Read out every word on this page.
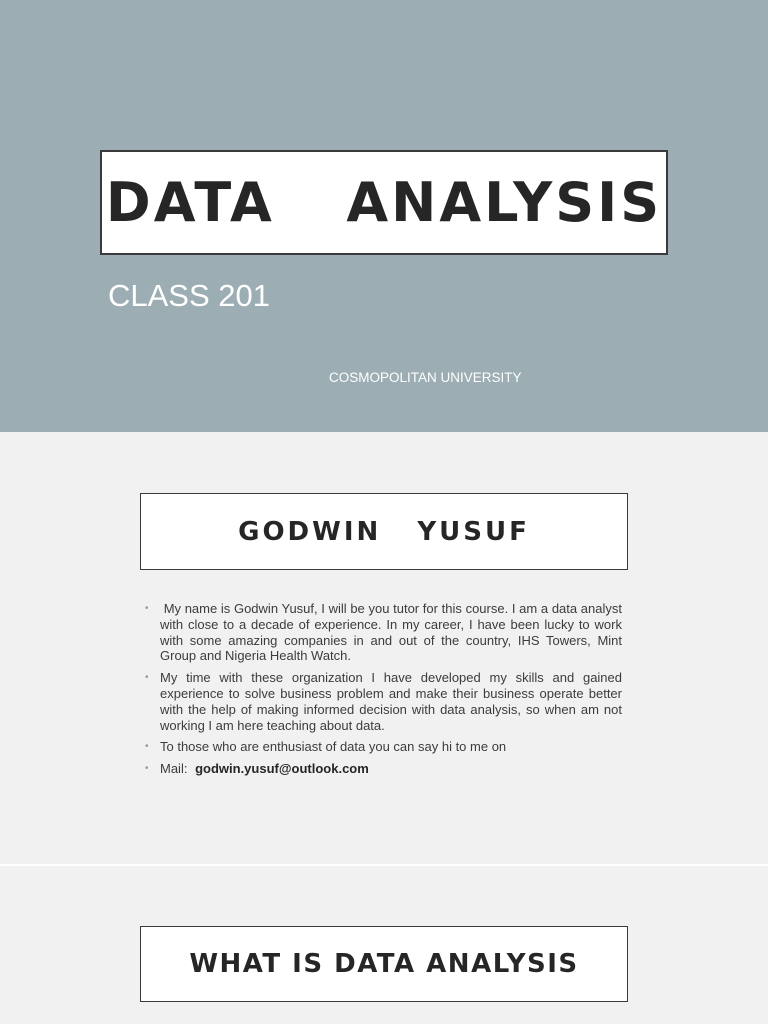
DATA  ANALYSIS
CLASS 201
COSMOPOLITAN UNIVERSITY
GODWIN  YUSUF
• My name is Godwin Yusuf, I will be you tutor for this course. I am a data analyst with close to a decade of experience. In my career, I have been lucky to work with some amazing companies in and out of the country, IHS Towers, Mint Group and Nigeria Health Watch.
• My time with these organization I have developed my skills and gained experience to solve business problem and make their business operate better with the help of making informed decision with data analysis, so when am not working I am here teaching about data.
• To those who are enthusiast of data you can say hi to me on
• Mail: godwin.yusuf@outlook.com
WHAT IS DATA ANALYSIS
